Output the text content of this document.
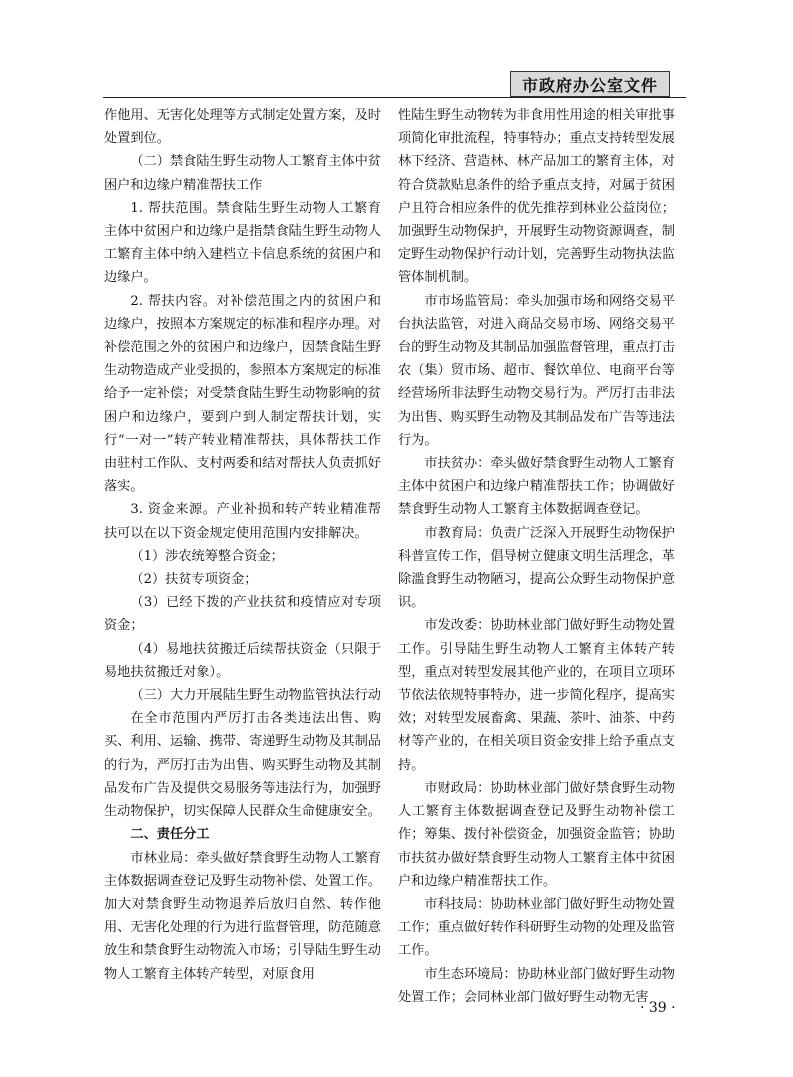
市政府办公室文件

作他用、无害化处理等方式制定处置方案，及时处置到位。

（二）禁食陆生野生动物人工繁育主体中贫困户和边缘户精准帮扶工作

1. 帮扶范围。禁食陆生野生动物人工繁育主体中贫困户和边缘户是指禁食陆生野生动物人工繁育主体中纳入建档立卡信息系统的贫困户和边缘户。

2. 帮扶内容。对补偿范围之内的贫困户和边缘户，按照本方案规定的标准和程序办理。对补偿范围之外的贫困户和边缘户，因禁食陆生野生动物造成产业受损的，参照本方案规定的标准给予一定补偿；对受禁食陆生野生动物影响的贫困户和边缘户，要到户到人制定帮扶计划，实行“一对一”转产转业精准帮扶，具体帮扶工作由驻村工作队、支村两委和结对帮扶人负责抓好落实。

3. 资金来源。产业补损和转产转业精准帮扶可以在以下资金规定使用范围内安排解决。

（1）涉农统筹整合资金；

（2）扶贫专项资金；

（3）已经下拨的产业扶贫和疫情应对专项资金；

（4）易地扶贫搬迁后续帮扶资金（只限于易地扶贫搬迁对象）。

（三）大力开展陆生野生动物监管执法行动

在全市范围内严厉打击各类违法出售、购买、利用、运输、携带、寄递野生动物及其制品的行为，严厉打击为出售、购买野生动物及其制品发布广告及提供交易服务等违法行为，加强野生动物保护，切实保障人民群众生命健康安全。

二、责任分工

市林业局：牵头做好禁食野生动物人工繁育主体数据调查登记及野生动物补偿、处置工作。加大对禁食野生动物退养后放归自然、转作他用、无害化处理的行为进行监督管理，防范随意放生和禁食野生动物流入市场；引导陆生野生动物人工繁育主体转产转型，对原食用

性陆生野生动物转为非食用性用途的相关审批事项简化审批流程，特事特办；重点支持转型发展林下经济、营造林、林产品加工的繁育主体，对符合贷款贴息条件的给予重点支持，对属于贫困户且符合相应条件的优先推荐到林业公益岗位；加强野生动物保护，开展野生动物资源调查，制定野生动物保护行动计划，完善野生动物执法监管体制机制。

市市场监管局：牵头加强市场和网络交易平台执法监管，对进入商品交易市场、网络交易平台的野生动物及其制品加强监督管理，重点打击农（集）贸市场、超市、餐饮单位、电商平台等经营场所非法野生动物交易行为。严厉打击非法为出售、购买野生动物及其制品发布广告等违法行为。

市扶贫办：牵头做好禁食野生动物人工繁育主体中贫困户和边缘户精准帮扶工作；协调做好禁食野生动物人工繁育主体数据调查登记。

市教育局：负责广泛深入开展野生动物保护科普宣传工作，倡导树立健康文明生活理念，革除滥食野生动物陋习，提高公众野生动物保护意识。

市发改委：协助林业部门做好野生动物处置工作。引导陆生野生动物人工繁育主体转产转型，重点对转型发展其他产业的，在项目立项环节依法依规特事特办，进一步简化程序，提高实效；对转型发展畜禽、果蔬、茶叶、油茶、中药材等产业的，在相关项目资金安排上给予重点支持。

市财政局：协助林业部门做好禁食野生动物人工繁育主体数据调查登记及野生动物补偿工作；筹集、拨付补偿资金，加强资金监管；协助市扶贫办做好禁食野生动物人工繁育主体中贫困户和边缘户精准帮扶工作。

市科技局：协助林业部门做好野生动物处置工作；重点做好转作科研野生动物的处理及监管工作。

市生态环境局：协助林业部门做好野生动物处置工作；会同林业部门做好野生动物无害

· 39 ·
